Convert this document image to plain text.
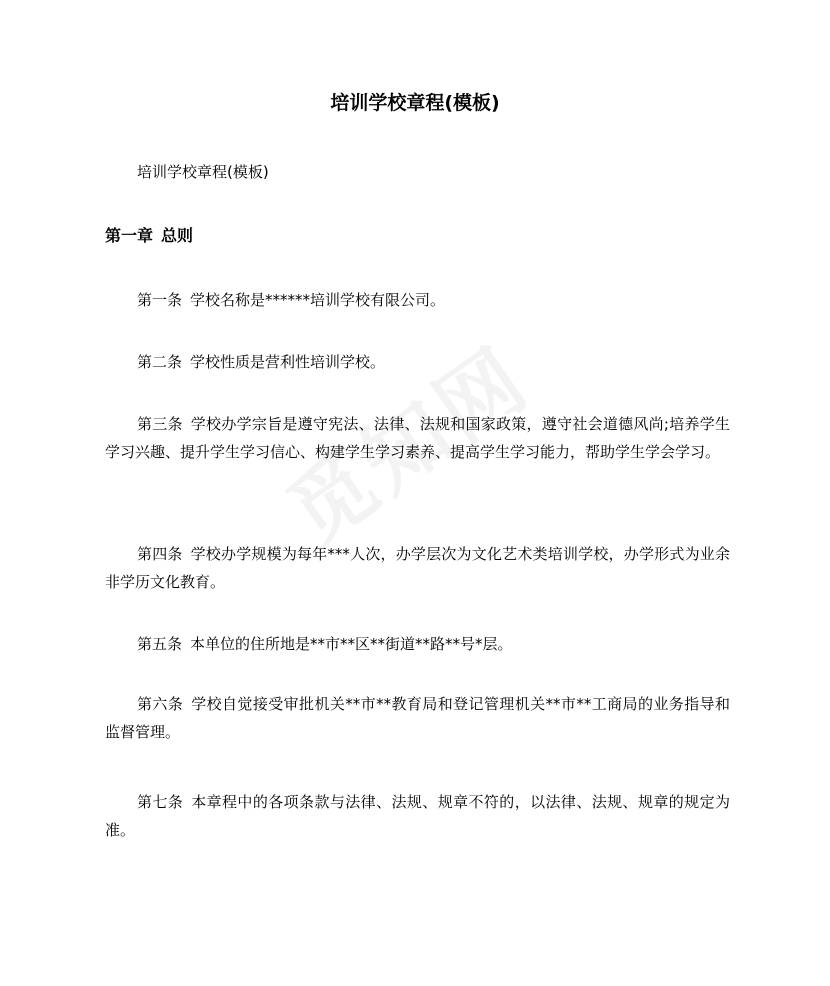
培训学校章程(模板)
培训学校章程(模板)
第一章 总则
第一条 学校名称是******培训学校有限公司。
第二条 学校性质是营利性培训学校。
第三条 学校办学宗旨是遵守宪法、法律、法规和国家政策，遵守社会道德风尚;培养学生学习兴趣、提升学生学习信心、构建学生学习素养、提高学生学习能力，帮助学生学会学习。
第四条 学校办学规模为每年***人次，办学层次为文化艺术类培训学校，办学形式为业余非学历文化教育。
第五条 本单位的住所地是**市**区**街道**路**号*层。
第六条 学校自觉接受审批机关**市**教育局和登记管理机关**市**工商局的业务指导和监督管理。
第七条 本章程中的各项条款与法律、法规、规章不符的，以法律、法规、规章的规定为准。
